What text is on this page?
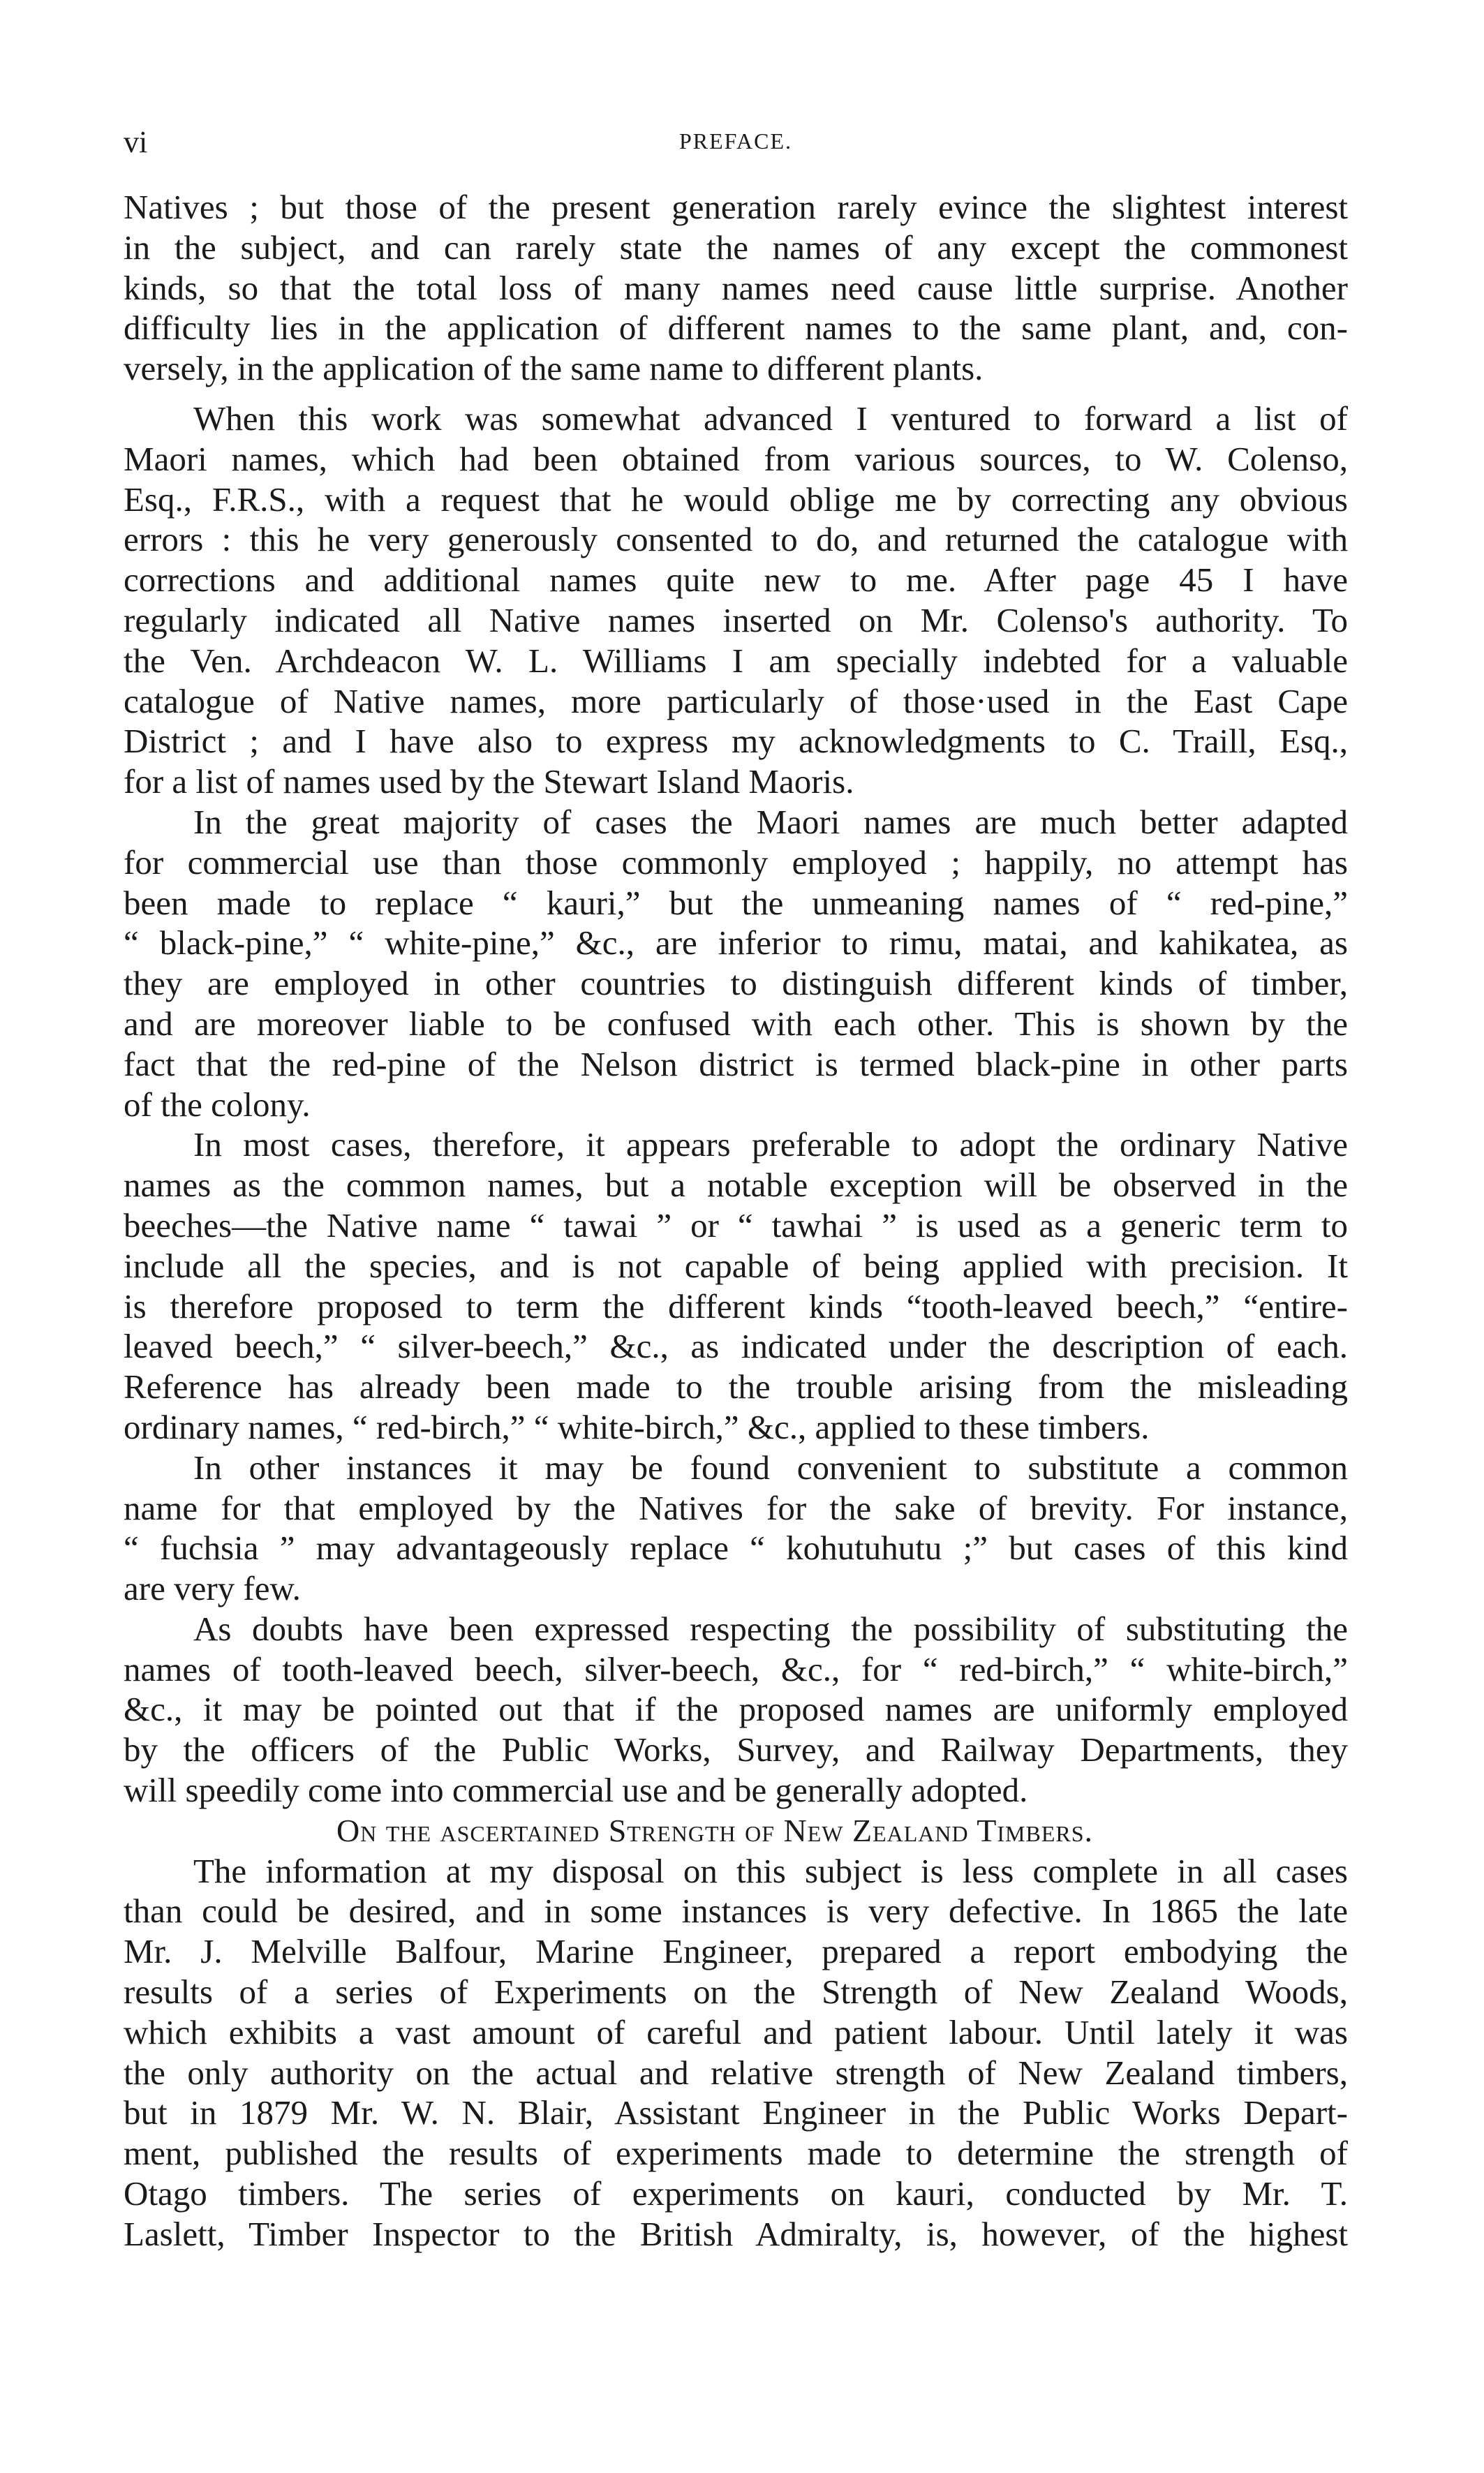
vi	PREFACE.
Natives ; but those of the present generation rarely evince the slightest interest
in the subject, and can rarely state the names of any except the commonest
kinds, so that the total loss of many names need cause little surprise. Another
difficulty lies in the application of different names to the same plant, and, con-
versely, in the application of the same name to different plants.
When this work was somewhat advanced I ventured to forward a list of
Maori names, which had been obtained from various sources, to W. Colenso,
Esq., F.R.S., with a request that he would oblige me by correcting any obvious
errors : this he very generously consented to do, and returned the catalogue with
corrections and additional names quite new to me. After page 45 I have
regularly indicated all Native names inserted on Mr. Colenso's authority. To
the Ven. Archdeacon W. L. Williams I am specially indebted for a valuable
catalogue of Native names, more particularly of those·used in the East Cape
District ; and I have also to express my acknowledgments to C. Traill, Esq.,
for a list of names used by the Stewart Island Maoris.
In the great majority of cases the Maori names are much better adapted
for commercial use than those commonly employed ; happily, no attempt has
been made to replace “ kauri,” but the unmeaning names of “ red-pine,”
“ black-pine,” “ white-pine,” &c., are inferior to rimu, matai, and kahikatea, as
they are employed in other countries to distinguish different kinds of timber,
and are moreover liable to be confused with each other. This is shown by the
fact that the red-pine of the Nelson district is termed black-pine in other parts
of the colony.
In most cases, therefore, it appears preferable to adopt the ordinary Native
names as the common names, but a notable exception will be observed in the
beeches—the Native name “ tawai ” or “ tawhai ” is used as a generic term to
include all the species, and is not capable of being applied with precision. It
is therefore proposed to term the different kinds “tooth-leaved beech,” “entire-
leaved beech,” “ silver-beech,” &c., as indicated under the description of each.
Reference has already been made to the trouble arising from the misleading
ordinary names, “ red-birch,” “ white-birch,” &c., applied to these timbers.
In other instances it may be found convenient to substitute a common
name for that employed by the Natives for the sake of brevity. For instance,
“ fuchsia ” may advantageously replace “ kohutuhutu ;” but cases of this kind
are very few.
As doubts have been expressed respecting the possibility of substituting the
names of tooth-leaved beech, silver-beech, &c., for “ red-birch,” “ white-birch,”
&c., it may be pointed out that if the proposed names are uniformly employed
by the officers of the Public Works, Survey, and Railway Departments, they
will speedily come into commercial use and be generally adopted.
On the ascertained Strength of New Zealand Timbers.
The information at my disposal on this subject is less complete in all cases
than could be desired, and in some instances is very defective. In 1865 the late
Mr. J. Melville Balfour, Marine Engineer, prepared a report embodying the
results of a series of Experiments on the Strength of New Zealand Woods,
which exhibits a vast amount of careful and patient labour. Until lately it was
the only authority on the actual and relative strength of New Zealand timbers,
but in 1879 Mr. W. N. Blair, Assistant Engineer in the Public Works Depart-
ment, published the results of experiments made to determine the strength of
Otago timbers. The series of experiments on kauri, conducted by Mr. T.
Laslett, Timber Inspector to the British Admiralty, is, however, of the highest
